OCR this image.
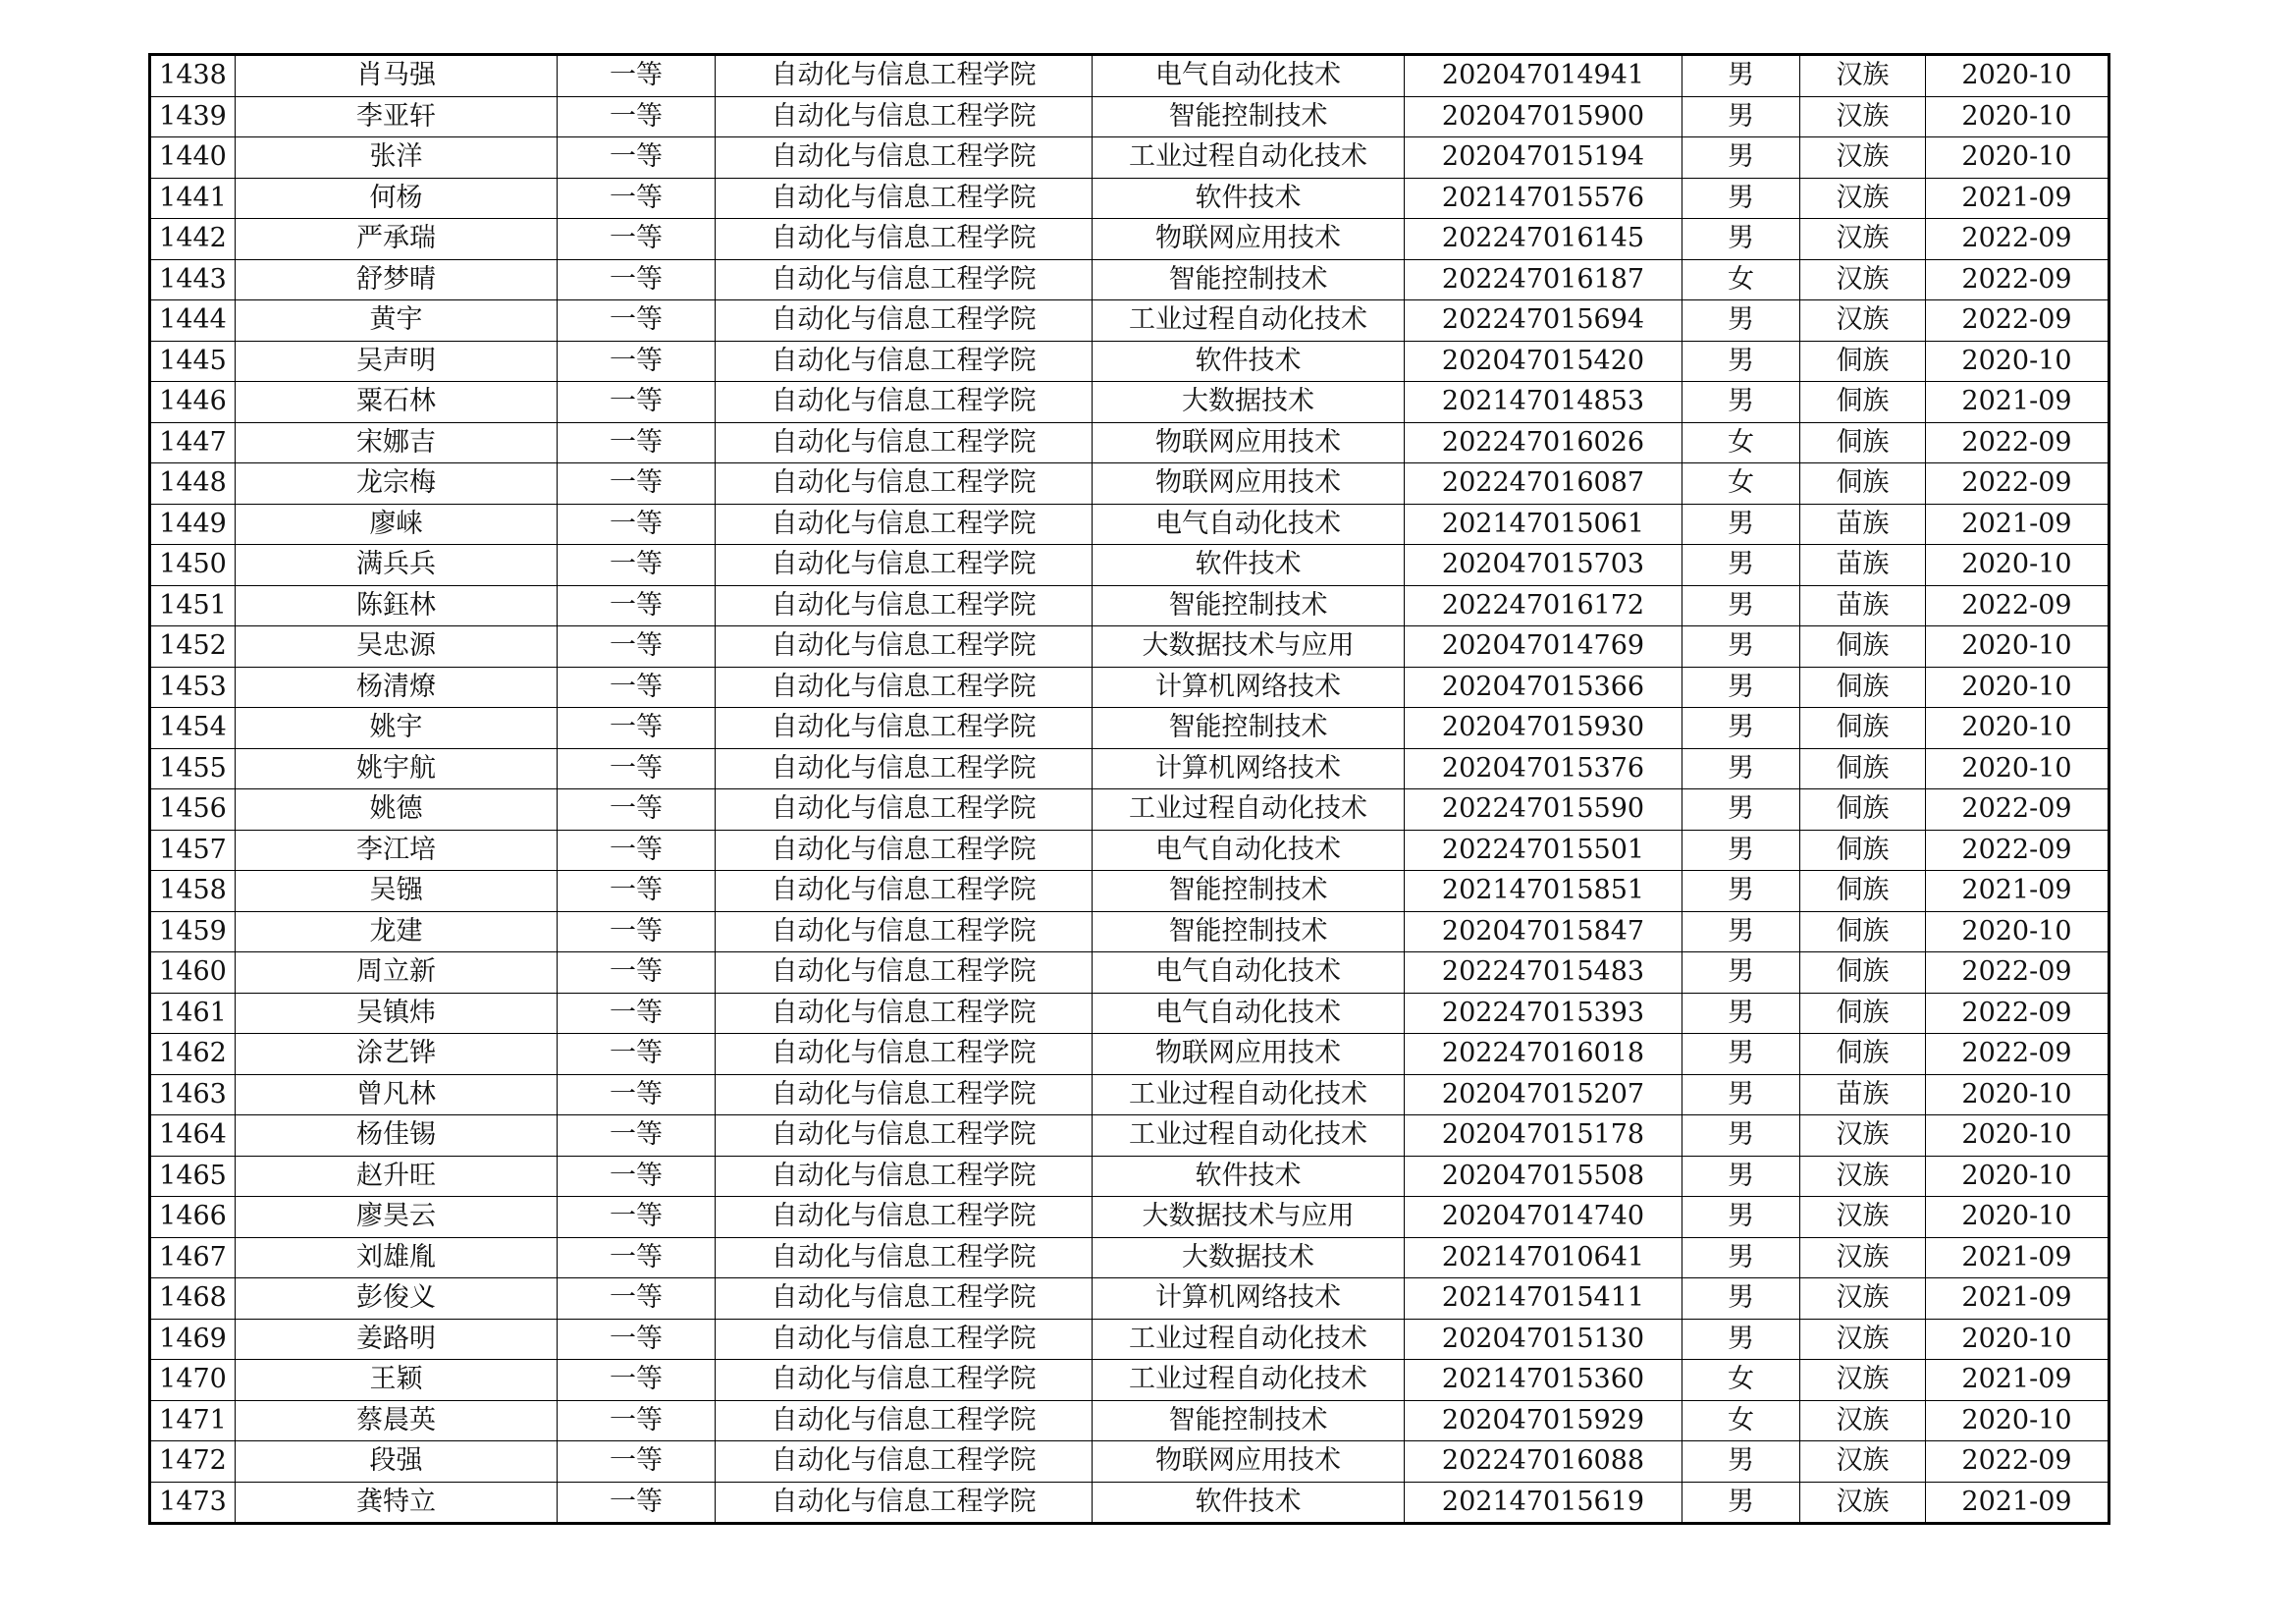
1438	肖马强	一等	自动化与信息工程学院	电气自动化技术	202047014941	男	汉族	2020-10
1439	李亚轩	一等	自动化与信息工程学院	智能控制技术	202047015900	男	汉族	2020-10
1440	张洋	一等	自动化与信息工程学院	工业过程自动化技术	202047015194	男	汉族	2020-10
1441	何杨	一等	自动化与信息工程学院	软件技术	202147015576	男	汉族	2021-09
1442	严承瑞	一等	自动化与信息工程学院	物联网应用技术	202247016145	男	汉族	2022-09
1443	舒梦晴	一等	自动化与信息工程学院	智能控制技术	202247016187	女	汉族	2022-09
1444	黄宇	一等	自动化与信息工程学院	工业过程自动化技术	202247015694	男	汉族	2022-09
1445	吴声明	一等	自动化与信息工程学院	软件技术	202047015420	男	侗族	2020-10
1446	粟石林	一等	自动化与信息工程学院	大数据技术	202147014853	男	侗族	2021-09
1447	宋娜吉	一等	自动化与信息工程学院	物联网应用技术	202247016026	女	侗族	2022-09
1448	龙宗梅	一等	自动化与信息工程学院	物联网应用技术	202247016087	女	侗族	2022-09
1449	廖崃	一等	自动化与信息工程学院	电气自动化技术	202147015061	男	苗族	2021-09
1450	满兵兵	一等	自动化与信息工程学院	软件技术	202047015703	男	苗族	2020-10
1451	陈鈺林	一等	自动化与信息工程学院	智能控制技术	202247016172	男	苗族	2022-09
1452	吴忠源	一等	自动化与信息工程学院	大数据技术与应用	202047014769	男	侗族	2020-10
1453	杨清燎	一等	自动化与信息工程学院	计算机网络技术	202047015366	男	侗族	2020-10
1454	姚宇	一等	自动化与信息工程学院	智能控制技术	202047015930	男	侗族	2020-10
1455	姚宇航	一等	自动化与信息工程学院	计算机网络技术	202047015376	男	侗族	2020-10
1456	姚德	一等	自动化与信息工程学院	工业过程自动化技术	202247015590	男	侗族	2022-09
1457	李江培	一等	自动化与信息工程学院	电气自动化技术	202247015501	男	侗族	2022-09
1458	吴镪	一等	自动化与信息工程学院	智能控制技术	202147015851	男	侗族	2021-09
1459	龙建	一等	自动化与信息工程学院	智能控制技术	202047015847	男	侗族	2020-10
1460	周立新	一等	自动化与信息工程学院	电气自动化技术	202247015483	男	侗族	2022-09
1461	吴镇炜	一等	自动化与信息工程学院	电气自动化技术	202247015393	男	侗族	2022-09
1462	涂艺铧	一等	自动化与信息工程学院	物联网应用技术	202247016018	男	侗族	2022-09
1463	曾凡林	一等	自动化与信息工程学院	工业过程自动化技术	202047015207	男	苗族	2020-10
1464	杨佳锡	一等	自动化与信息工程学院	工业过程自动化技术	202047015178	男	汉族	2020-10
1465	赵升旺	一等	自动化与信息工程学院	软件技术	202047015508	男	汉族	2020-10
1466	廖昊云	一等	自动化与信息工程学院	大数据技术与应用	202047014740	男	汉族	2020-10
1467	刘雄胤	一等	自动化与信息工程学院	大数据技术	202147010641	男	汉族	2021-09
1468	彭俊义	一等	自动化与信息工程学院	计算机网络技术	202147015411	男	汉族	2021-09
1469	姜路明	一等	自动化与信息工程学院	工业过程自动化技术	202047015130	男	汉族	2020-10
1470	王颖	一等	自动化与信息工程学院	工业过程自动化技术	202147015360	女	汉族	2021-09
1471	蔡晨英	一等	自动化与信息工程学院	智能控制技术	202047015929	女	汉族	2020-10
1472	段强	一等	自动化与信息工程学院	物联网应用技术	202247016088	男	汉族	2022-09
1473	龚特立	一等	自动化与信息工程学院	软件技术	202147015619	男	汉族	2021-09
